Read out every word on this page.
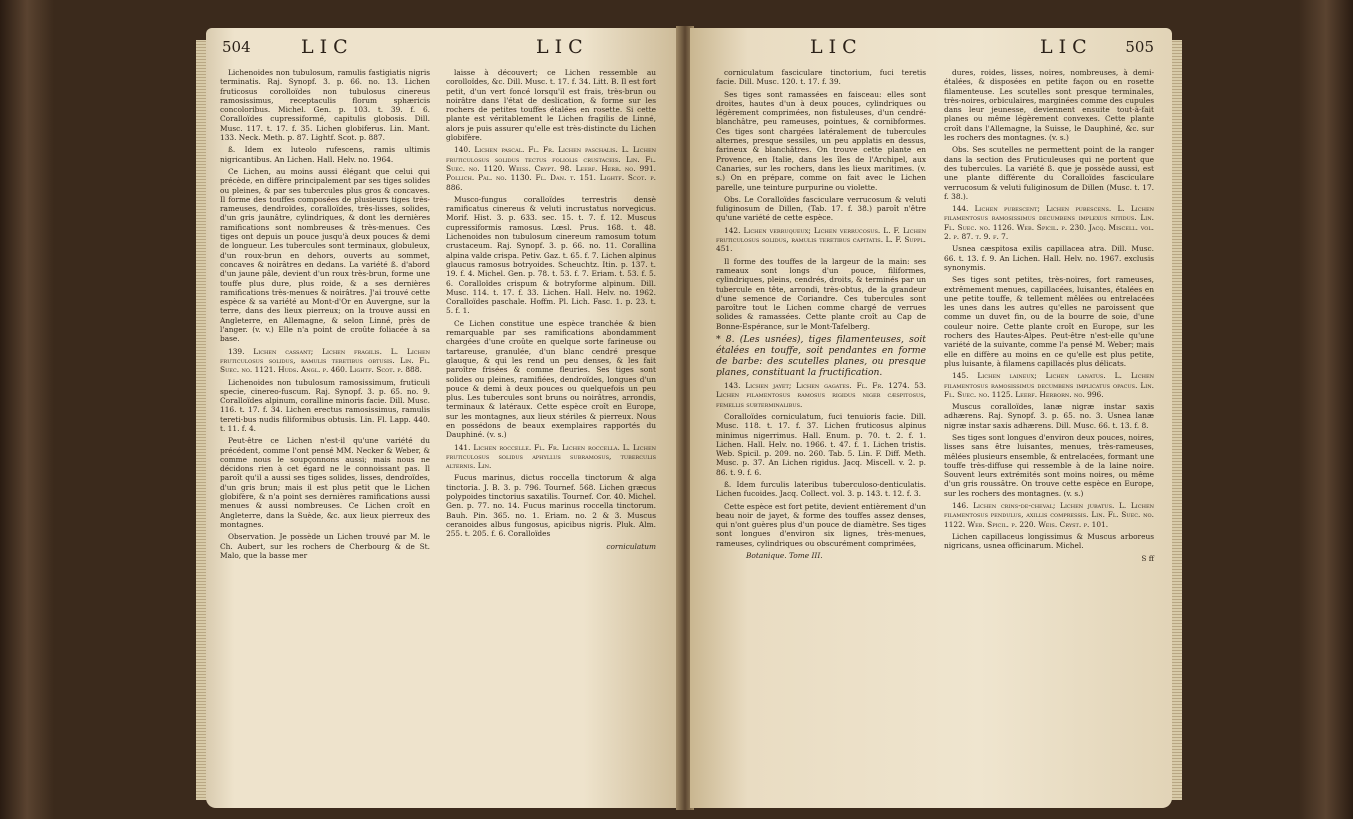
504	LIC	LIC

Lichenoides non tubulosum, ramulis fastigiatis nigris terminatis. Raj. Synopf. 3. p. 66. no. 13. Lichen fruticosus corolloïdes non tubulosus cinereus ramosissimus, receptaculis florum sphæricis concoloribus. Michel. Gen. p. 103. t. 39. f. 6. Coralloïdes cupressiformé, capitulis globosis. Dill. Musc. 117. t. 17. f. 35. Lichen globiferus. Lin. Mant. 133. Neck. Meth. p. 87. Lightf. Scot. p. 887.

ß. Idem ex luteolo rufescens, ramis ultimis nigricantibus. An Lichen. Hall. Helv. no. 1964.

Ce Lichen, au moins aussi élégant que celui qui précède, en diffère principalement par ses tiges solides ou pleines, & par ses tubercules plus gros & concaves. Il forme des touffes composées de plusieurs tiges très-rameuses, dendroïdes, coralloïdes, très-lisses, solides, d'un gris jaunâtre, cylindriques, & dont les dernières ramifications sont nombreuses & très-menues. Ces tiges ont depuis un pouce jusqu'à deux pouces & demi de longueur. Les tubercules sont terminaux, globuleux, d'un roux-brun en dehors, ouverts au sommet, concaves & noirâtres en dedans. La variété ß. d'abord d'un jaune pâle, devient d'un roux très-brun, forme une touffe plus dure, plus roide, & a ses dernières ramifications très-menues & noirâtres. J'ai trouvé cette espèce & sa variété au Mont-d'Or en Auvergne, sur la terre, dans des lieux pierreux; on la trouve aussi en Angleterre, en Allemagne, & selon Linné, près de l'anger. (v. v.) Elle n'a point de croûte foliacée à sa base.

139. Lichen cassant; Lichen fragilis. L. Lichen fruticulosus solidus, ramulis teretibus obtusis. Lin. Fl. Suec. no. 1121. Huds. Angl. p. 460. Lightf. Scot. p. 888.

Lichenoides non tubulosum ramosissimum, fruticuli specie, cinereo-fuscum. Raj. Synopf. 3. p. 65. no. 9. Coralloïdes alpinum, coralline minoris facie. Dill. Musc. 116. t. 17. f. 34. Lichen erectus ramosissimus, ramulis tereti-bus nudis filiformibus obtusis. Lin. Fl. Lapp. 440. t. 11. f. 4.

Peut-être ce Lichen n'est-il qu'une variété du précédent, comme l'ont pensé MM. Necker & Weber, & comme nous le soupçonnons aussi; mais nous ne décidons rien à cet égard ne le connoissant pas. Il paroît qu'il a aussi ses tiges solides, lisses, dendroïdes, d'un gris brun; mais il est plus petit que le Lichen globifère, & n'a point ses dernières ramifications aussi menues & aussi nombreuses. Ce Lichen croît en Angleterre, dans la Suède, &c. aux lieux pierreux des montagnes.

Observation. Je possède un Lichen trouvé par M. le Ch. Aubert, sur les rochers de Cherbourg & de St. Malo, que la basse mer

laisse à découvert; ce Lichen ressemble au corolloïdes, &c. Dill. Musc. t. 17. f. 34. Litt. B. Il est fort petit, d'un vert foncé lorsqu'il est frais, très-brun ou noirâtre dans l'état de deslication, & forme sur les rochers de petites touffes étalées en rosette. Si cette plante est véritablement le Lichen fragilis de Linné, alors je puis assurer qu'elle est très-distincte du Lichen globifère.

140. Lichen pascal. Fl. Fr. Lichen paschalis. L. Lichen fruticulosus solidus tectus foliolis crustaceis. Lin. Fl. Suec. no. 1120. Weiss. Crypt. 98. Leerf. Herb. no. 991. Pollich. Pal. no. 1130. Fl. Dan. t. 151. Lightf. Scot. p. 886.

Musco-fungus coralloïdes terrestris densè ramificatus cinereus & veluti incrustatus norvegicus. Morif. Hist. 3. p. 633. sec. 15. t. 7. f. 12. Muscus cupressiformis ramosus. Lœsl. Prus. 168. t. 48. Lichenoides non tubulosum cinereum ramosum totum crustaceum. Raj. Synopf. 3. p. 66. no. 11. Corallina alpina valde crispa. Petiv. Gaz. t. 65. f. 7. Lichen alpinus glaucus ramosus botryoides. Scheuchtz. Itin. p. 137. t. 19. f. 4. Michel. Gen. p. 78. t. 53. f. 7. Eriam. t. 53. f. 5. 6. Coralloïdes crispum & botryforme alpinum. Dill. Musc. 114. t. 17. f. 33. Lichen. Hall. Helv. no. 1962. Coralloïdes paschale. Hoffm. Pl. Lich. Fasc. 1. p. 23. t. 5. f. 1.

Ce Lichen constitue une espèce tranchée & bien remarquable par ses ramifications abondamment chargées d'une croûte en quelque sorte farineuse ou tartareuse, granulée, d'un blanc cendré presque glauque, & qui les rend un peu denses, & les fait paroître frisées & comme fleuries. Ses tiges sont solides ou pleines, ramifiées, dendroïdes, longues d'un pouce & demi à deux pouces ou quelquefois un peu plus. Les tubercules sont bruns ou noirâtres, arrondis, terminaux & latéraux. Cette espèce croît en Europe, sur les montagnes, aux lieux stériles & pierreux. Nous en possédons de beaux exemplaires rapportés du Dauphiné. (v. s.)

141. Lichen roccelle. Fl. Fr. Lichen roccella. L. Lichen fruticulosus solidus aphyllus subramosus, tuberculis alternis. Lin.

Fucus marinus, dictus roccella tinctorum & alga tinctoria. J. B. 3. p. 796. Tournef. 568. Lichen græcus polypoides tinctorius saxatilis. Tournef. Cor. 40. Michel. Gen. p. 77. no. 14. Fucus marinus roccella tinctorum. Bauh. Pin. 365. no. 1. Eriam. no. 2 & 3. Muscus ceranoides albus fungosus, apicibus nigris. Pluk. Alm. 255. t. 205. f. 6. Coralloïdes

corniculatum
LIC	LIC 505

corniculatum fasciculare tinctorium, fuci teretis facie. Dill. Musc. 120. t. 17. f. 39.

Ses tiges sont ramassées en faisceau: elles sont droites, hautes d'un à deux pouces, cylindriques ou légèrement comprimées, non fistuleuses, d'un cendré-blanchâtre, peu rameuses, pointues, & cornibformes. Ces tiges sont chargées latéralement de tubercules alternes, presque sessiles, un peu applatis en dessus, farineux & blanchâtres. On trouve cette plante en Provence, en Italie, dans les îles de l'Archipel, aux Canaries, sur les rochers, dans les lieux maritimes. (v. s.) On en prépare, comme on fait avec le Lichen parelle, une teinture purpurine ou violette.

Obs. Le Coralloïdes fasciculare verrucosum & veluti fuliginosum de Dillen, (Tab. 17. f. 38.) paroît n'être qu'une variété de cette espèce.

142. Lichen verruqueux; Lichen verrucosus. L. F. Lichen fruticulosus solidus, ramulis teretibus capitatis. L. F. Suppl. 451.

Il forme des touffes de la largeur de la main: ses rameaux sont longs d'un pouce, filiformes, cylindriques, pleins, cendrés, droits, & terminés par un tubercule en tête, arrondi, très-obtus, de la grandeur d'une semence de Coriandre. Ces tubercules sont paroître tout le Lichen comme chargé de verrues solides & ramassées. Cette plante croît au Cap de Bonne-Espérance, sur le Mont-Tafelberg.

* 8. (Les usnées), tiges filamenteuses, soit étalées en touffe, soit pendantes en forme de barbe: des scutelles planes, ou presque planes, constituant la fructification.

143. Lichen jayet; Lichen gagates. Fl. Fr. 1274. 53. Lichen filamentosus ramosus rigidus niger cæspitosus, femellis subterminalibus.

Coralloïdes corniculatum, fuci tenuioris facie. Dill. Musc. 118. t. 17. f. 37. Lichen fruticosus alpinus minimus nigerrimus. Hall. Enum. p. 70. t. 2. f. 1. Lichen. Hall. Helv. no. 1966. t. 47. f. 1. Lichen tristis. Web. Spicil. p. 209. no. 260. Tab. 5. Lin. F. Diff. Meth. Musc. p. 37. An Lichen rigidus. Jacq. Miscell. v. 2. p. 86. t. 9. f. 6.

ß. Idem furculis lateribus tuberculoso-denticulatis. Lichen fucoides. Jacq. Collect. vol. 3. p. 143. t. 12. f. 3.

Cette espèce est fort petite, devient entièrement d'un beau noir de jayet, & forme des touffes assez denses, qui n'ont guères plus d'un pouce de diamètre. Ses tiges sont longues d'environ six lignes, très-menues, rameuses, cylindriques ou obscurément comprimées,

Botanique. Tome III.

dures, roides, lisses, noires, nombreuses, à demi-étalées, & disposées en petite façon ou en rosette filamenteuse. Les scutelles sont presque terminales, très-noires, orbiculaires, marginées comme des cupules dans leur jeunesse, deviennent ensuite tout-à-fait planes ou même légèrement convexes. Cette plante croît dans l'Allemagne, la Suisse, le Dauphiné, &c. sur les rochers des montagnes. (v. s.)

Obs. Ses scutelles ne permettent point de la ranger dans la section des Fruticuleuses qui ne portent que des tubercules. La variété ß. que je possède aussi, est une plante différente du Coralloïdes fasciculare verrucosum & veluti fuliginosum de Dillen (Musc. t. 17. f. 38.).

144. Lichen pubescent; Lichen pubescens. L. Lichen filamentosus ramosissimus decumbens implexus nitidus. Lin. Fl. Suec. no. 1126. Web. Spicil. p. 230. Jacq. Miscell. vol. 2. p. 87. t. 9. f. 7.

Usnea cæspitosa exilis capillacea atra. Dill. Musc. 66. t. 13. f. 9. An Lichen. Hall. Helv. no. 1967. exclusis synonymis.

Ses tiges sont petites, très-noires, fort rameuses, extrêmement menues, capillacées, luisantes, étalées en une petite touffe, & tellement mêlées ou entrelacées les unes dans les autres qu'elles ne paroissent que comme un duvet fin, ou de la bourre de soie, d'une couleur noire. Cette plante croît en Europe, sur les rochers des Hautes-Alpes. Peut-être n'est-elle qu'une variété de la suivante, comme l'a pensé M. Weber; mais elle en diffère au moins en ce qu'elle est plus petite, plus luisante, à filamens capillacés plus délicats.

145. Lichen laineux; Lichen lanatus. L. Lichen filamentosus ramosissimus decumbens implicatus opacus. Lin. Fl. Suec. no. 1125. Leerf. Herborn. no. 996.

Muscus coralloïdes, lanæ nigræ instar saxis adhærens. Raj. Synopf. 3. p. 65. no. 3. Usnea lanæ nigræ instar saxis adhærens. Dill. Musc. 66. t. 13. f. 8.

Ses tiges sont longues d'environ deux pouces, noires, lisses sans être luisantes, menues, très-rameuses, mêlées plusieurs ensemble, & entrelacées, formant une touffe très-diffuse qui ressemble à de la laine noire. Souvent leurs extrémités sont moins noires, ou même d'un gris roussâtre. On trouve cette espèce en Europe, sur les rochers des montagnes. (v. s.)

146. Lichen crins-de-cheval; Lichen jubatus. L. Lichen filamentosus pendulus, axillis compressis. Lin. Fl. Suec. no. 1122. Web. Spicil. p. 220. Weis. Cryst. p. 101.

Lichen capillaceus longissimus & Muscus arboreus nigricans, usnea officinarum. Michel.

S ff
